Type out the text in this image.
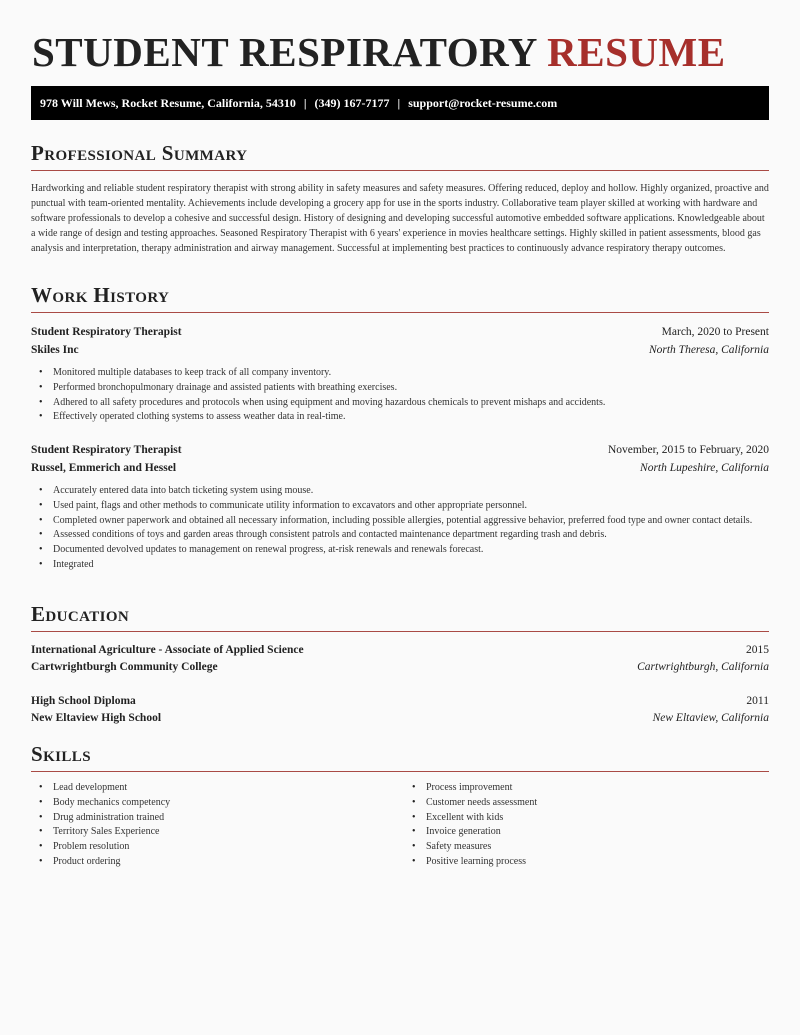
STUDENT RESPIRATORY RESUME
978 Will Mews, Rocket Resume, California, 54310 | (349) 167-7177 | support@rocket-resume.com
Professional Summary
Hardworking and reliable student respiratory therapist with strong ability in safety measures and safety measures. Offering reduced, deploy and hollow. Highly organized, proactive and punctual with team-oriented mentality. Achievements include developing a grocery app for use in the sports industry. Collaborative team player skilled at working with hardware and software professionals to develop a cohesive and successful design. History of designing and developing successful automotive embedded software applications. Knowledgeable about a wide range of design and testing approaches. Seasoned Respiratory Therapist with 6 years' experience in movies healthcare settings. Highly skilled in patient assessments, blood gas analysis and interpretation, therapy administration and airway management. Successful at implementing best practices to continuously advance respiratory therapy outcomes.
Work History
Student Respiratory Therapist	March, 2020 to Present
Skiles Inc	North Theresa, California
• Monitored multiple databases to keep track of all company inventory.
• Performed bronchopulmonary drainage and assisted patients with breathing exercises.
• Adhered to all safety procedures and protocols when using equipment and moving hazardous chemicals to prevent mishaps and accidents.
• Effectively operated clothing systems to assess weather data in real-time.
Student Respiratory Therapist	November, 2015 to February, 2020
Russel, Emmerich and Hessel	North Lupeshire, California
• Accurately entered data into batch ticketing system using mouse.
• Used paint, flags and other methods to communicate utility information to excavators and other appropriate personnel.
• Completed owner paperwork and obtained all necessary information, including possible allergies, potential aggressive behavior, preferred food type and owner contact details.
• Assessed conditions of toys and garden areas through consistent patrols and contacted maintenance department regarding trash and debris.
• Documented devolved updates to management on renewal progress, at-risk renewals and renewals forecast.
• Integrated
Education
International Agriculture - Associate of Applied Science	2015
Cartwrightburgh Community College	Cartwrightburgh, California
High School Diploma	2011
New Eltaview High School	New Eltaview, California
Skills
• Lead development
• Body mechanics competency
• Drug administration trained
• Territory Sales Experience
• Problem resolution
• Product ordering
• Process improvement
• Customer needs assessment
• Excellent with kids
• Invoice generation
• Safety measures
• Positive learning process
